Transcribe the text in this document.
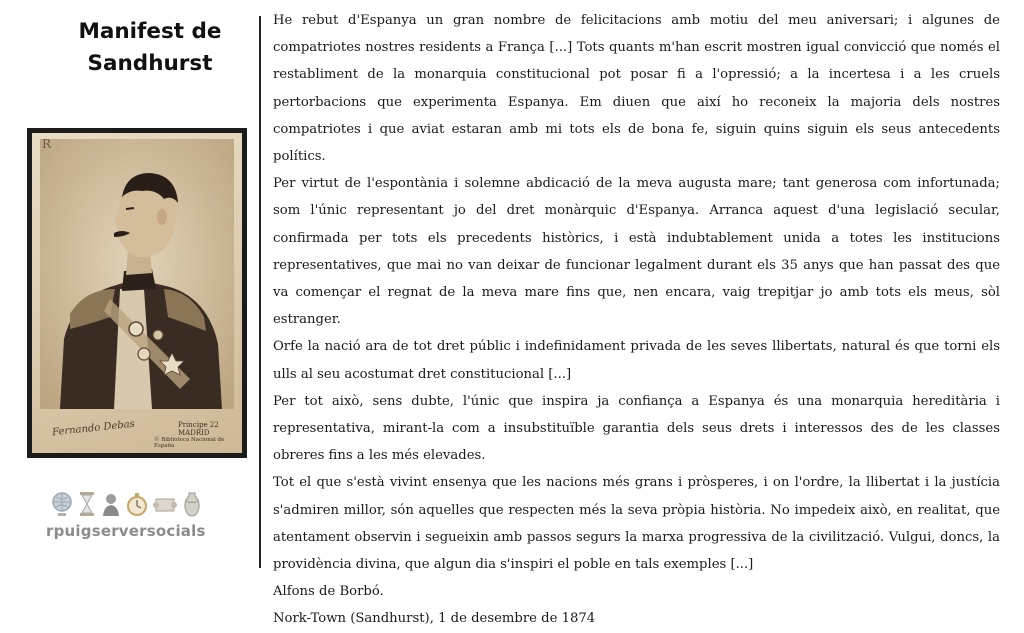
Manifest de Sandhurst
R
Fernando Debas	Principe 22 MADRID
© Biblioteca Nacional de España
rpuigserversocials

He rebut d'Espanya un gran nombre de felicitacions amb motiu del meu aniversari; i algunes de compatriotes nostres residents a França [...] Tots quants m'han escrit mostren igual convicció que només el restabliment de la monarquia constitucional pot posar fi a l'opressió; a la incertesa i a les cruels pertorbacions que experimenta Espanya. Em diuen que així ho reconeix la majoria dels nostres compatriotes i que aviat estaran amb mi tots els de bona fe, siguin quins siguin els seus antecedents polítics.

Per virtut de l'espontània i solemne abdicació de la meva augusta mare; tant generosa com infortunada; som l'únic representant jo del dret monàrquic d'Espanya. Arranca aquest d'una legislació secular, confirmada per tots els precedents històrics, i està indubtablement unida a totes les institucions representatives, que mai no van deixar de funcionar legalment durant els 35 anys que han passat des que va començar el regnat de la meva mare fins que, nen encara, vaig trepitjar jo amb tots els meus, sòl estranger.

Orfe la nació ara de tot dret públic i indefinidament privada de les seves llibertats, natural és que torni els ulls al seu acostumat dret constitucional [...]

Per tot això, sens dubte, l'únic que inspira ja confiança a Espanya és una monarquia hereditària i representativa, mirant-la com a insubstituïble garantia dels seus drets i interessos des de les classes obreres fins a les més elevades.

Tot el que s'està vivint ensenya que les nacions més grans i pròsperes, i on l'ordre, la llibertat i la justícia s'admiren millor, són aquelles que respecten més la seva pròpia història. No impedeix això, en realitat, que atentament observin i segueixin amb passos segurs la marxa progressiva de la civilització. Vulgui, doncs, la providència divina, que algun dia s'inspiri el poble en tals exemples [...]

Alfons de Borbó.

Nork-Town (Sandhurst), 1 de desembre de 1874
